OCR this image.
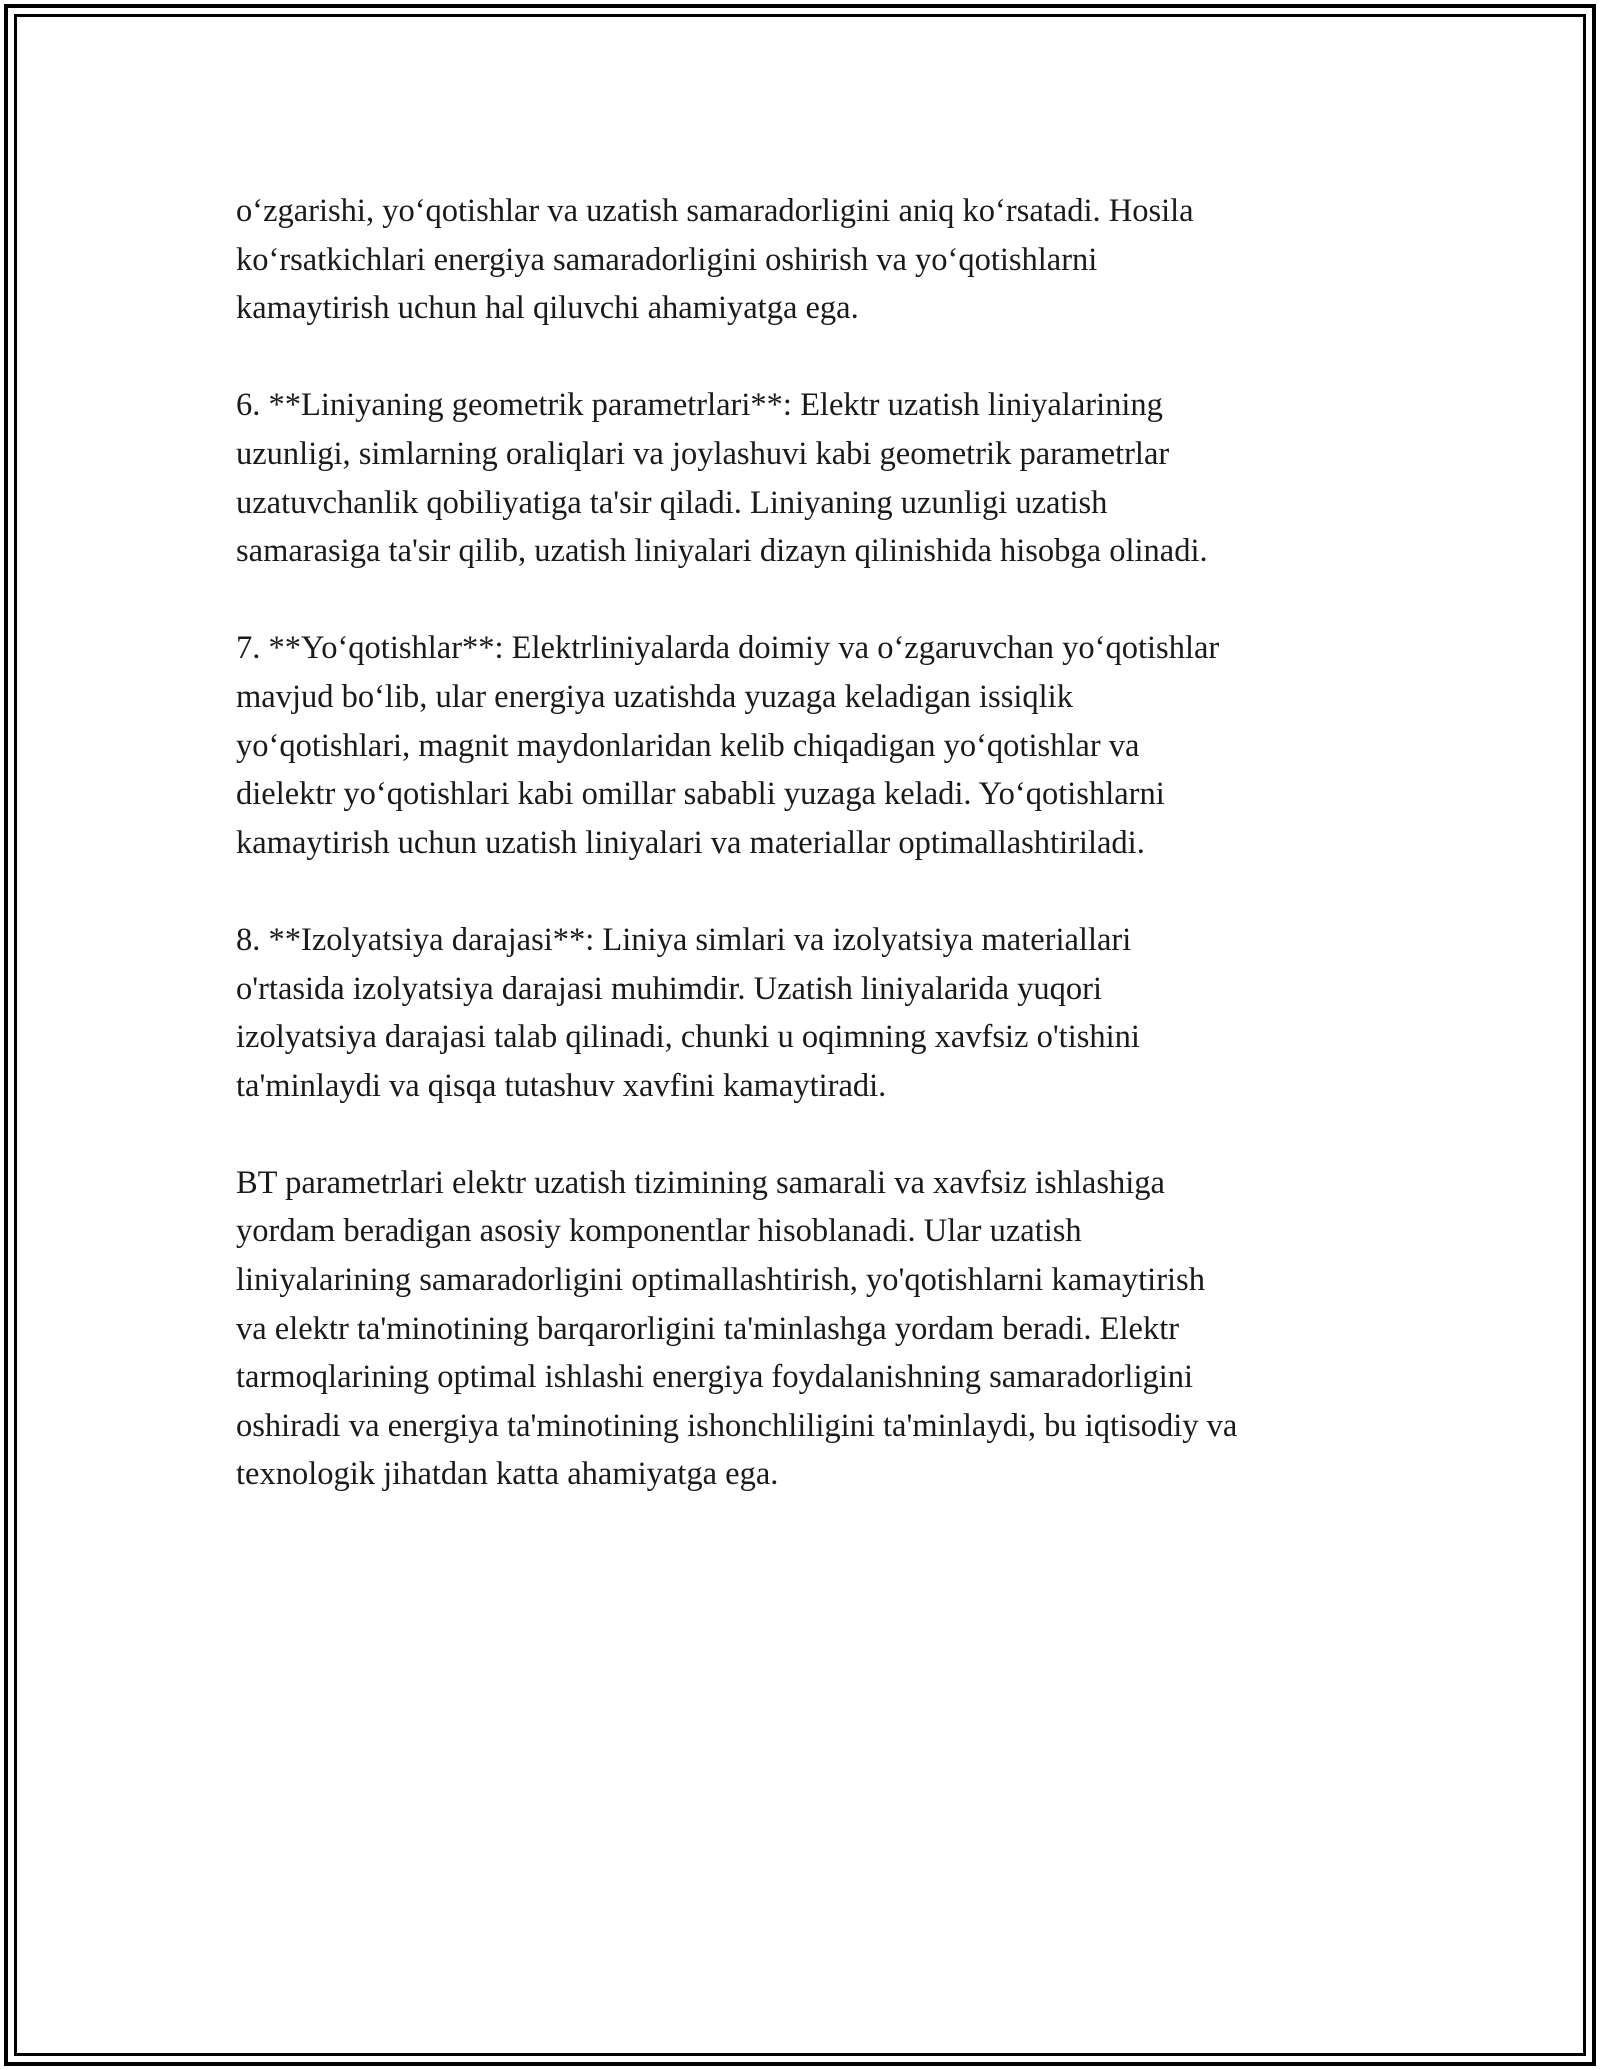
o‘zgarishi, yo‘qotishlar va uzatish samaradorligini aniq ko‘rsatadi. Hosila
ko‘rsatkichlari energiya samaradorligini oshirish va yo‘qotishlarni
kamaytirish uchun hal qiluvchi ahamiyatga ega.

6. **Liniyaning geometrik parametrlari**: Elektr uzatish liniyalarining
uzunligi, simlarning oraliqlari va joylashuvi kabi geometrik parametrlar
uzatuvchanlik qobiliyatiga ta'sir qiladi. Liniyaning uzunligi uzatish
samarasiga ta'sir qilib, uzatish liniyalari dizayn qilinishida hisobga olinadi.

7. **Yo‘qotishlar**: Elektrliniyalarda doimiy va o‘zgaruvchan yo‘qotishlar
mavjud bo‘lib, ular energiya uzatishda yuzaga keladigan issiqlik
yo‘qotishlari, magnit maydonlaridan kelib chiqadigan yo‘qotishlar va
dielektr yo‘qotishlari kabi omillar sababli yuzaga keladi. Yo‘qotishlarni
kamaytirish uchun uzatish liniyalari va materiallar optimallashtiriladi.

8. **Izolyatsiya darajasi**: Liniya simlari va izolyatsiya materiallari
o'rtasida izolyatsiya darajasi muhimdir. Uzatish liniyalarida yuqori
izolyatsiya darajasi talab qilinadi, chunki u oqimning xavfsiz o'tishini
ta'minlaydi va qisqa tutashuv xavfini kamaytiradi.

BT parametrlari elektr uzatish tizimining samarali va xavfsiz ishlashiga
yordam beradigan asosiy komponentlar hisoblanadi. Ular uzatish
liniyalarining samaradorligini optimallashtirish, yo'qotishlarni kamaytirish
va elektr ta'minotining barqarorligini ta'minlashga yordam beradi. Elektr
tarmoqlarining optimal ishlashi energiya foydalanishning samaradorligini
oshiradi va energiya ta'minotining ishonchliligini ta'minlaydi, bu iqtisodiy va
texnologik jihatdan katta ahamiyatga ega.
